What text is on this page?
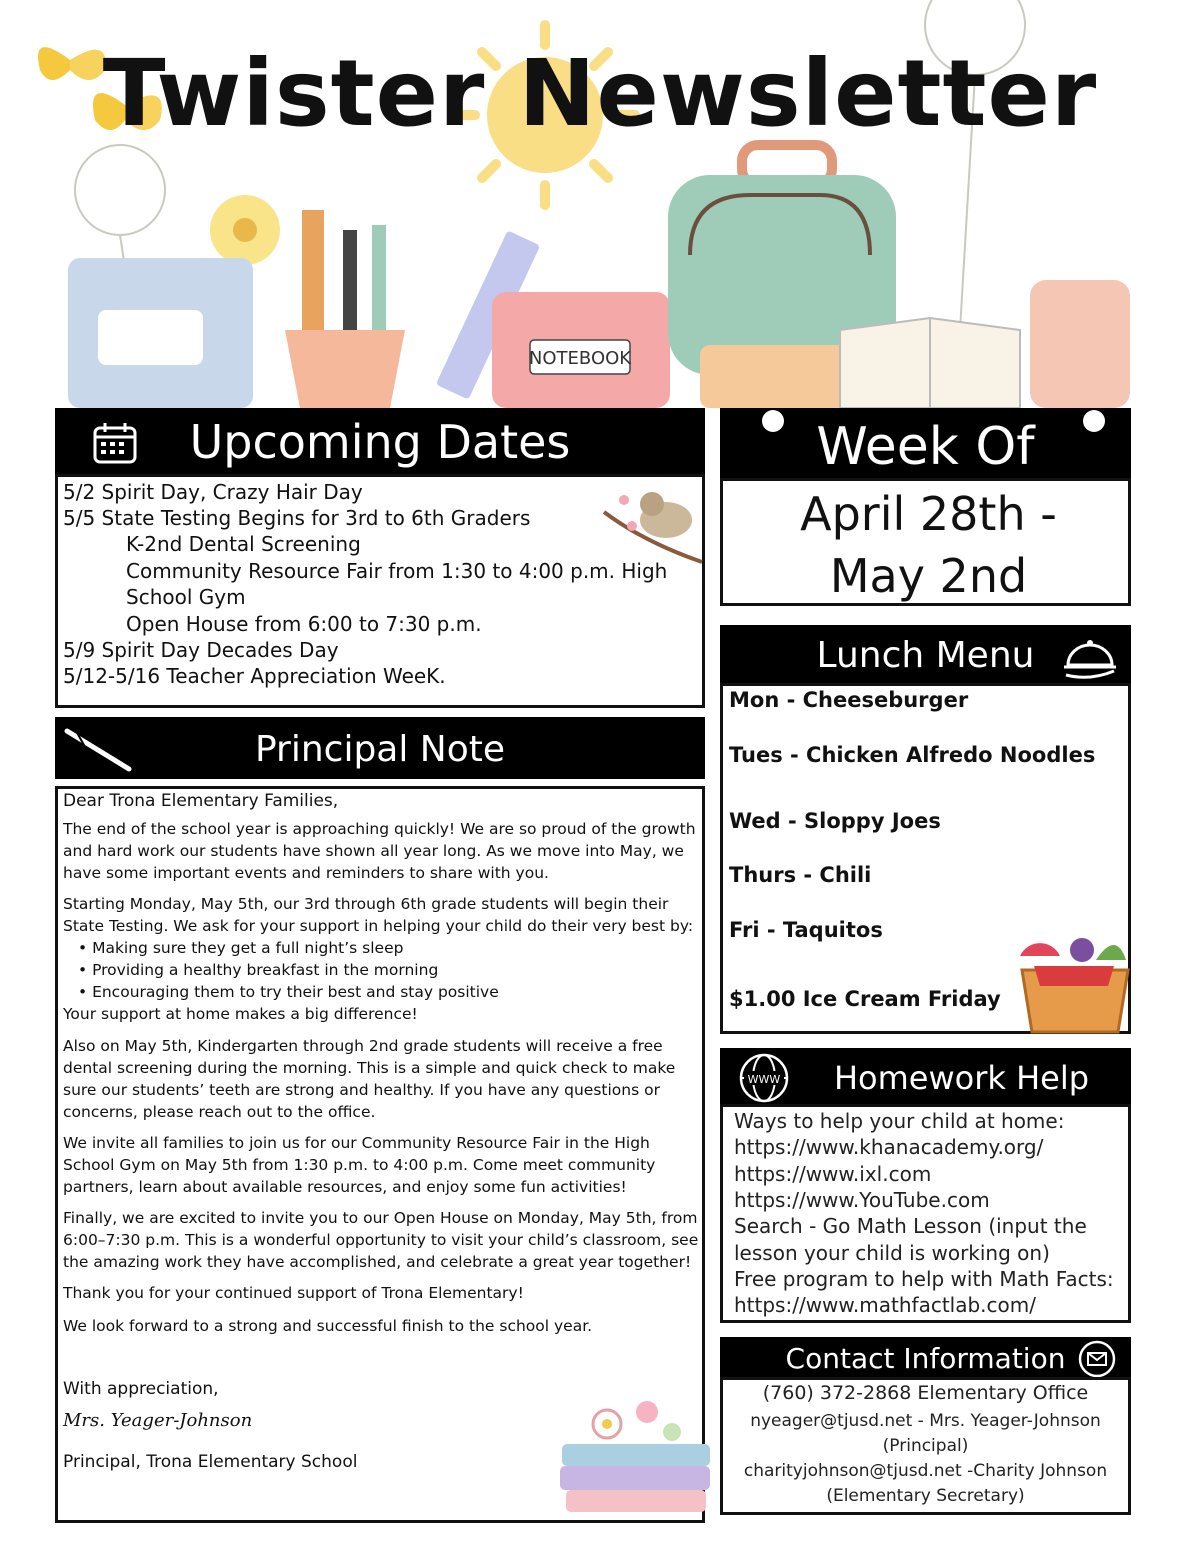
NOTEBOOK
Twister Newsletter
Upcoming Dates
5/2 Spirit Day, Crazy Hair Day
5/5 State Testing Begins for 3rd to 6th Graders
K-2nd Dental Screening
Community Resource Fair from 1:30 to 4:00 p.m. High
School Gym
Open House from 6:00 to 7:30 p.m.
5/9 Spirit Day Decades Day
5/12-5/16 Teacher Appreciation WeeK.
Week Of
April 28th -
May 2nd
Lunch Menu
Mon - Cheeseburger
Tues - Chicken Alfredo Noodles
Wed - Sloppy Joes
Thurs - Chili
Fri - Taquitos
$1.00 Ice Cream Friday
Principal Note

Dear Trona Elementary Families,

The end of the school year is approaching quickly! We are so proud of the growth and hard work our students have shown all year long. As we move into May, we have some important events and reminders to share with you.

Starting Monday, May 5th, our 3rd through 6th grade students will begin their State Testing. We ask for your support in helping your child do their very best by:

• Making sure they get a full night’s sleep
• Providing a healthy breakfast in the morning
• Encouraging them to try their best and stay positive

Your support at home makes a big difference!

Also on May 5th, Kindergarten through 2nd grade students will receive a free dental screening during the morning. This is a simple and quick check to make sure our students’ teeth are strong and healthy. If you have any questions or concerns, please reach out to the office.

We invite all families to join us for our Community Resource Fair in the High School Gym on May 5th from 1:30 p.m. to 4:00 p.m. Come meet community partners, learn about available resources, and enjoy some fun activities!

Finally, we are excited to invite you to our Open House on Monday, May 5th, from 6:00–7:30 p.m. This is a wonderful opportunity to visit your child’s classroom, see the amazing work they have accomplished, and celebrate a great year together!

Thank you for your continued support of Trona Elementary!

We look forward to a strong and successful finish to the school year.

With appreciation,

Mrs. Yeager-Johnson

Principal, Trona Elementary School

WWW Homework Help
Ways to help your child at home:
https://www.khanacademy.org/
https://www.ixl.com
https://www.YouTube.com
Search - Go Math Lesson (input the
lesson your child is working on)
Free program to help with Math Facts:
https://www.mathfactlab.com/
Contact Information
(760) 372-2868 Elementary Office
nyeager@tjusd.net - Mrs. Yeager-Johnson
(Principal)
charityjohnson@tjusd.net -Charity Johnson
(Elementary Secretary)
